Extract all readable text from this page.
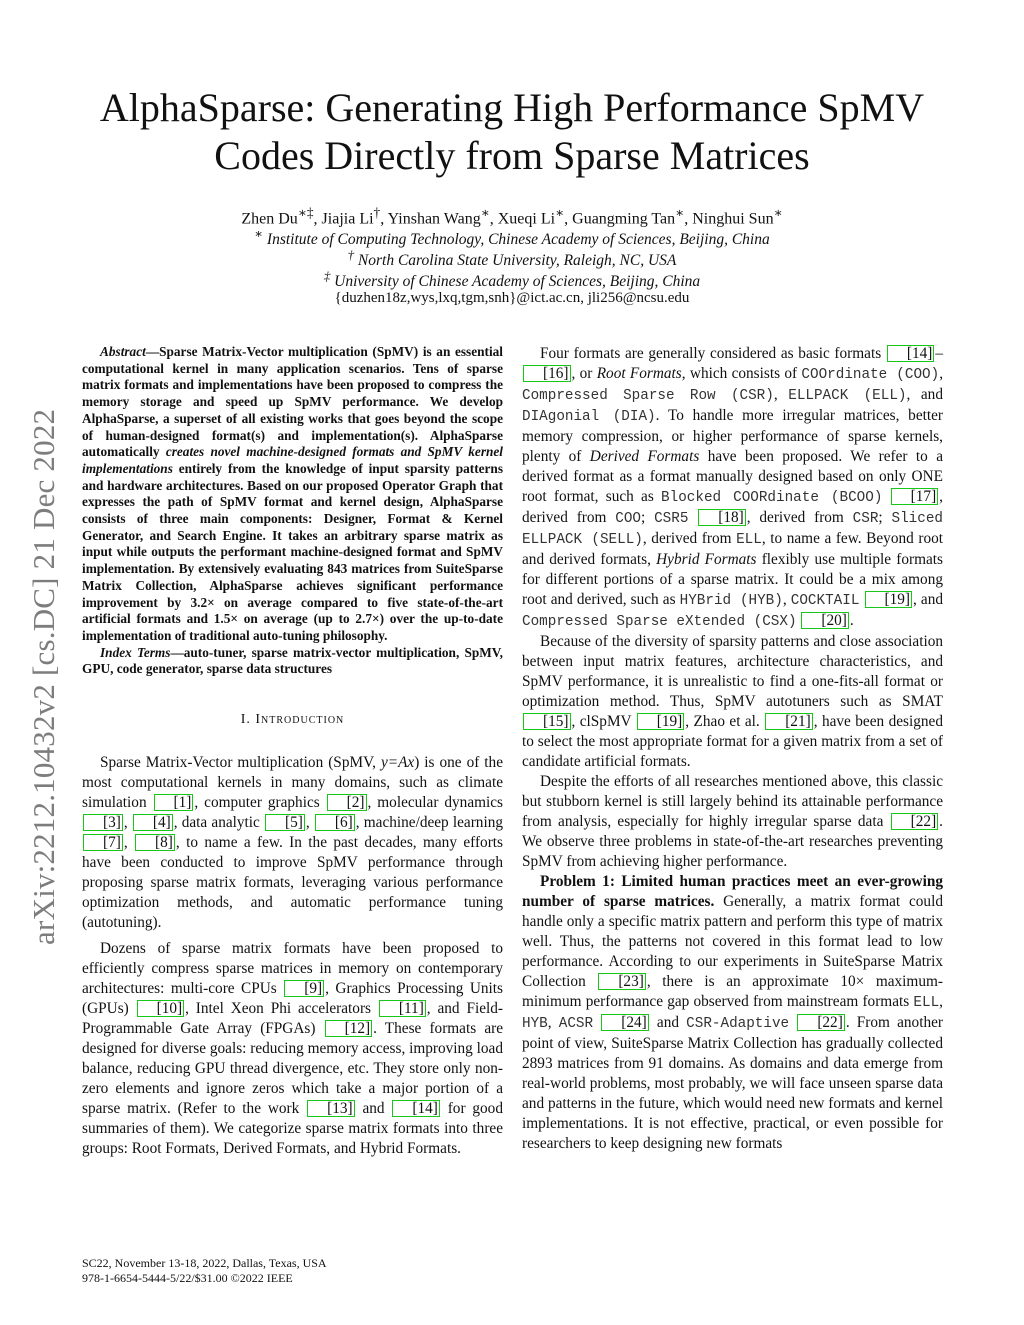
arXiv:2212.10432v2 [cs.DC] 21 Dec 2022
AlphaSparse: Generating High Performance SpMV
Codes Directly from Sparse Matrices
Zhen Du∗‡, Jiajia Li†, Yinshan Wang∗, Xueqi Li∗, Guangming Tan∗, Ninghui Sun∗
∗ Institute of Computing Technology, Chinese Academy of Sciences, Beijing, China
† North Carolina State University, Raleigh, NC, USA
‡ University of Chinese Academy of Sciences, Beijing, China
{duzhen18z,wys,lxq,tgm,snh}@ict.ac.cn, jli256@ncsu.edu

Abstract—Sparse Matrix-Vector multiplication (SpMV) is an essential computational kernel in many application scenarios. Tens of sparse matrix formats and implementations have been proposed to compress the memory storage and speed up SpMV performance. We develop AlphaSparse, a superset of all existing works that goes beyond the scope of human-designed format(s) and implementation(s). AlphaSparse automatically creates novel machine-designed formats and SpMV kernel implementations entirely from the knowledge of input sparsity patterns and hardware architectures. Based on our proposed Operator Graph that expresses the path of SpMV format and kernel design, AlphaSparse consists of three main components: Designer, Format & Kernel Generator, and Search Engine. It takes an arbitrary sparse matrix as input while outputs the performant machine-designed format and SpMV implementation. By extensively evaluating 843 matrices from SuiteSparse Matrix Collection, AlphaSparse achieves significant performance improvement by 3.2× on average compared to five state-of-the-art artificial formats and 1.5× on average (up to 2.7×) over the up-to-date implementation of traditional auto-tuning philosophy.

Index Terms—auto-tuner, sparse matrix-vector multiplication, SpMV, GPU, code generator, sparse data structures

I. Introduction

Sparse Matrix-Vector multiplication (SpMV, y=Ax) is one of the most computational kernels in many domains, such as climate simulation [1] , computer graphics [2] , molecular dynamics [3] , [4] , data analytic [5] , [6] , machine/deep learning [7] , [8] , to name a few. In the past decades, many efforts have been conducted to improve SpMV performance through proposing sparse matrix formats, leveraging various performance optimization methods, and automatic performance tuning (autotuning).

Dozens of sparse matrix formats have been proposed to efficiently compress sparse matrices in memory on contemporary architectures: multi-core CPUs [9] , Graphics Processing Units (GPUs) [10] , Intel Xeon Phi accelerators [11] , and Field-Programmable Gate Array (FPGAs) [12] . These formats are designed for diverse goals: reducing memory access, improving load balance, reducing GPU thread divergence, etc. They store only non-zero elements and ignore zeros which take a major portion of a sparse matrix. (Refer to the work [13] and [14] for good summaries of them). We categorize sparse matrix formats into three groups: Root Formats, Derived Formats, and Hybrid Formats.

Four formats are generally considered as basic formats [14] –[16] , or Root Formats, which consists of COOrdinate (COO), Compressed Sparse Row (CSR), ELLPACK (ELL), and DIAgonial (DIA). To handle more irregular matrices, better memory compression, or higher performance of sparse kernels, plenty of Derived Formats have been proposed. We refer to a derived format as a format manually designed based on only ONE root format, such as Blocked COORdinate (BCOO) [17] , derived from COO; CSR5 [18] , derived from CSR; Sliced ELLPACK (SELL), derived from ELL, to name a few. Beyond root and derived formats, Hybrid Formats flexibly use multiple formats for different portions of a sparse matrix. It could be a mix among root and derived, such as HYBrid (HYB), COCKTAIL [19] , and Compressed Sparse eXtended (CSX) [20] .

Because of the diversity of sparsity patterns and close association between input matrix features, architecture characteristics, and SpMV performance, it is unrealistic to find a one-fits-all format or optimization method. Thus, SpMV autotuners such as SMAT [15] , clSpMV [19] , Zhao et al. [21] , have been designed to select the most appropriate format for a given matrix from a set of candidate artificial formats.

Despite the efforts of all researches mentioned above, this classic but stubborn kernel is still largely behind its attainable performance from analysis, especially for highly irregular sparse data [22] . We observe three problems in state-of-the-art researches preventing SpMV from achieving higher performance.

Problem 1: Limited human practices meet an ever-growing number of sparse matrices. Generally, a matrix format could handle only a specific matrix pattern and perform this type of matrix well. Thus, the patterns not covered in this format lead to low performance. According to our experiments in SuiteSparse Matrix Collection [23] , there is an approximate 10× maximum-minimum performance gap observed from mainstream formats ELL, HYB, ACSR [24] and CSR-Adaptive [22] . From another point of view, SuiteSparse Matrix Collection has gradually collected 2893 matrices from 91 domains. As domains and data emerge from real-world problems, most probably, we will face unseen sparse data and patterns in the future, which would need new formats and kernel implementations. It is not effective, practical, or even possible for researchers to keep designing new formats

SC22, November 13-18, 2022, Dallas, Texas, USA
978-1-6654-5444-5/22/$31.00 ©2022 IEEE
